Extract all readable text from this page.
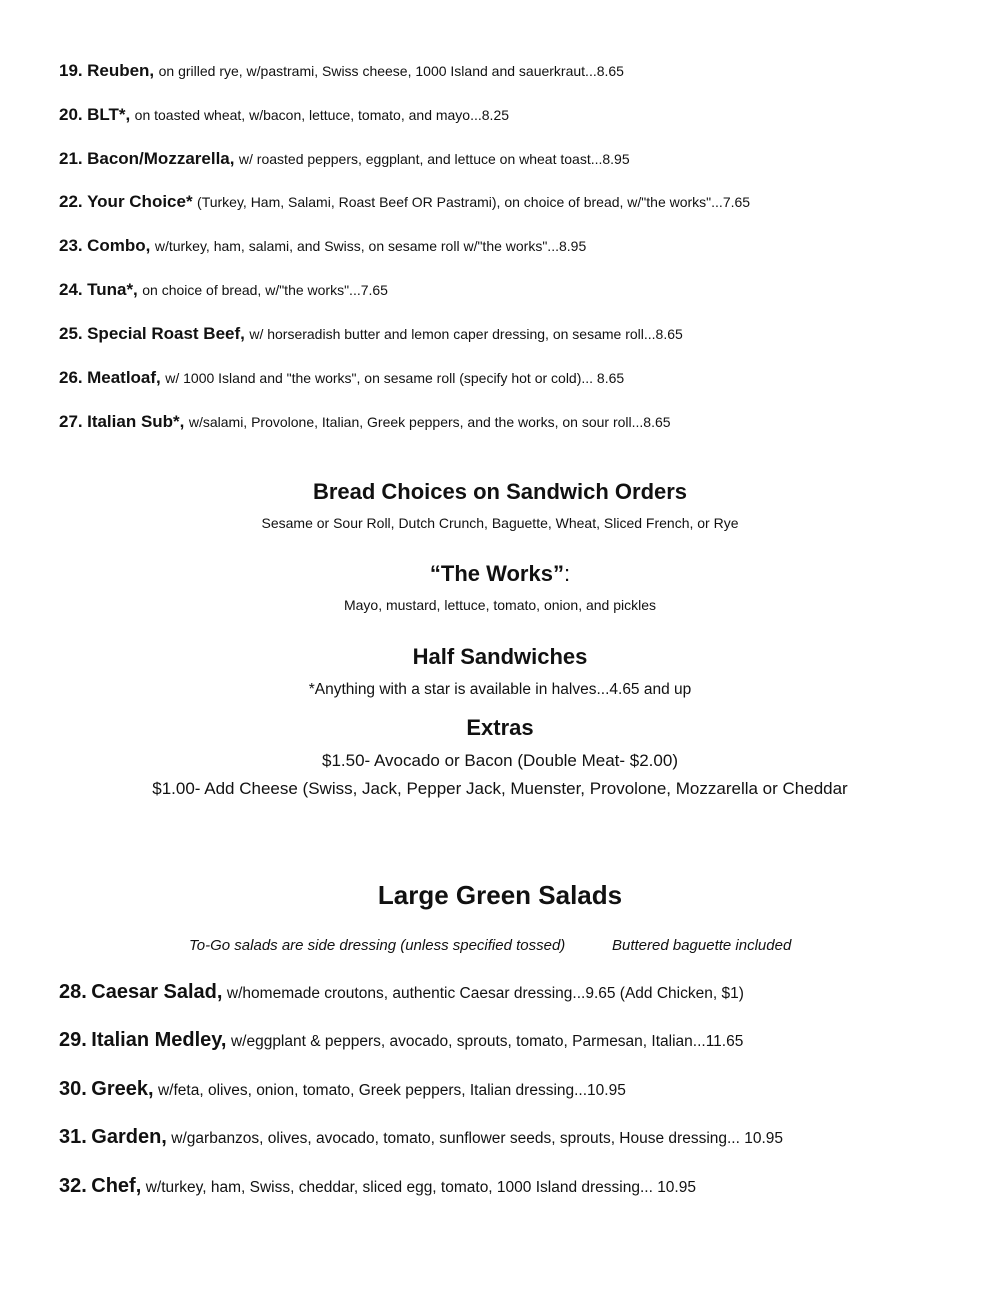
19. Reuben, on grilled rye, w/pastrami, Swiss cheese, 1000 Island and sauerkraut...8.65
20. BLT*, on toasted wheat, w/bacon, lettuce, tomato, and mayo...8.25
21. Bacon/Mozzarella, w/ roasted peppers, eggplant, and lettuce on wheat toast...8.95
22. Your Choice* (Turkey, Ham, Salami, Roast Beef OR Pastrami), on choice of bread, w/"the works"...7.65
23. Combo, w/turkey, ham, salami, and Swiss, on sesame roll w/"the works"...8.95
24. Tuna*, on choice of bread, w/"the works"...7.65
25. Special Roast Beef, w/ horseradish butter and lemon caper dressing, on sesame roll...8.65
26. Meatloaf, w/ 1000 Island and "the works", on sesame roll (specify hot or cold)... 8.65
27. Italian Sub*, w/salami, Provolone, Italian, Greek peppers, and the works, on sour roll...8.65
Bread Choices on Sandwich Orders
Sesame or Sour Roll, Dutch Crunch, Baguette, Wheat, Sliced French, or Rye
“The Works”:
Mayo, mustard, lettuce, tomato, onion, and pickles
Half Sandwiches
*Anything with a star is available in halves...4.65 and up
Extras
$1.50- Avocado or Bacon (Double Meat- $2.00)
$1.00- Add Cheese (Swiss, Jack, Pepper Jack, Muenster, Provolone, Mozzarella or Cheddar
Large Green Salads
To-Go salads are side dressing (unless specified tossed)	Buttered baguette included
28. Caesar Salad, w/homemade croutons, authentic Caesar dressing...9.65 (Add Chicken, $1)
29. Italian Medley, w/eggplant & peppers, avocado, sprouts, tomato, Parmesan, Italian...11.65
30. Greek, w/feta, olives, onion, tomato, Greek peppers, Italian dressing...10.95
31. Garden, w/garbanzos, olives, avocado, tomato, sunflower seeds, sprouts, House dressing... 10.95
32. Chef, w/turkey, ham, Swiss, cheddar, sliced egg, tomato, 1000 Island dressing... 10.95
